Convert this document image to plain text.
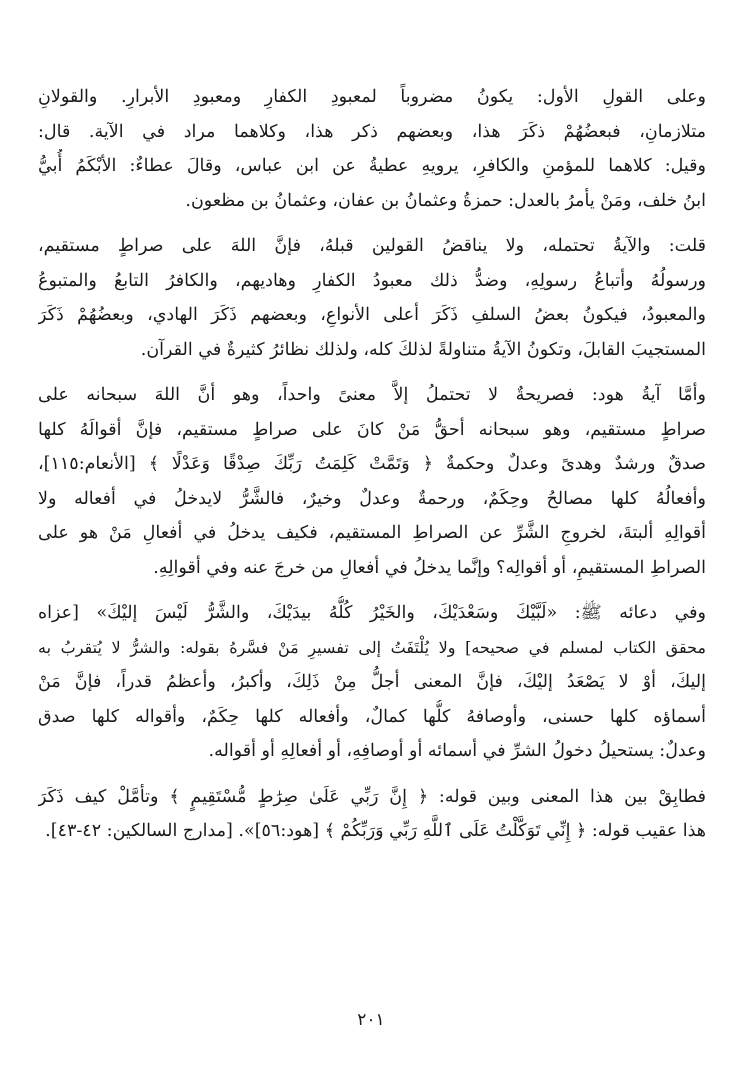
وعلى القولِ الأول: يكونُ مضروباً لمعبودِ الكفارِ ومعبودِ الأبرارِ. والقولانِ
متلازمانِ، فبعضُهُمْ ذكَرَ هذا، وبعضهم ذكر هذا، وكلاهما مراد في الآية. قال:
وقيل: كلاهما للمؤمنِ والكافرِ، يرويهِ عطيةُ عن ابن عباس، وقالَ عطاءٌ: الأبْكَمُ أُبيُّ
ابنُ خلف، ومَنْ يأمرُ بالعدل: حمزةُ وعثمانُ بن عفان، وعثمانُ بن مظعون.
قلت: والآيةُ تحتمله، ولا يناقضُ القولين قبلهُ، فإنَّ اللهَ على صراطٍ مستقيم،
ورسولُهُ وأتباعُ رسولِهِ، وضدُّ ذلك معبودُ الكفارِ وهاديهم، والكافرُ التابعُ والمتبوعُ
والمعبودُ، فيكونُ بعضُ السلفِ ذَكَرَ أعلى الأنواعِ، وبعضهم ذَكَرَ الهادي، وبعضُهُمْ ذَكَرَ
المستجيبَ القابلَ، وتكونُ الآيةُ متناولةً لذلكَ كله، ولذلك نظائرُ كثيرةٌ في القرآن.
وأمَّا آيةُ هود: فصريحةٌ لا تحتملُ إلاَّ معنىً واحداً، وهو أنَّ اللهَ سبحانه على
صراطٍ مستقيم، وهو سبحانه أحقُّ مَنْ كانَ على صراطٍ مستقيم، فإنَّ أقوالَهُ كلها
صدقٌ ورشدٌ وهدىً وعدلٌ وحكمةٌ ﴿ وَتَمَّتْ كَلِمَتُ رَبِّكَ صِدْقًا وَعَدْلًا ﴾ [الأنعام:١١٥]،
وأفعالُهُ كلها مصالحُ وحِكَمٌ، ورحمةٌ وعدلٌ وخيرٌ، فالشَّرُّ لايدخلُ في أفعاله ولا
أقوالِهِ ألبتةَ، لخروجِ الشَّرِّ عن الصراطِ المستقيم، فكيف يدخلُ في أفعالِ مَنْ هو على
الصراطِ المستقيمِ، أو أقوالِه؟ وإنَّما يدخلُ في أفعالِ من خرجَ عنه وفي أقوالِهِ.
وفي دعائه ﷺ: «لَبَّيْكَ وسَعْدَيْكَ، والخَيْرُ كُلُّهُ بيدَيْكَ، والشَّرُّ لَيْسَ إليْكَ» [عزاه
محقق الكتاب لمسلم في صحيحه] ولا يُلْتَفَتُ إلى تفسيرِ مَنْ فسَّرهُ بقوله: والشرُّ لا يُتقربُ به
إليكَ، أوْ لا يَصْعَدُ إليْكَ، فإنَّ المعنى أجلُّ مِنْ ذَلِكَ، وأكبرُ، وأعظمُ قدراً، فإنَّ مَنْ
أسماؤه كلها حسنى، وأوصافهُ كلُّها كمالٌ، وأفعاله كلها حِكَمٌ، وأقواله كلها صدق
وعدلٌ: يستحيلُ دخولُ الشرِّ في أسمائه أو أوصافِهِ، أو أفعالِهِ أو أقواله.
فطابِقْ بين هذا المعنى وبين قوله: ﴿ إِنَّ رَبِّي عَلَىٰ صِرَٰطٍ مُّسْتَقِيمٍ ﴾ وتأمَّلْ كيف ذَكَرَ
هذا عقيب قوله: ﴿ إِنِّي تَوَكَّلْتُ عَلَى ٱللَّهِ رَبِّي وَرَبِّكُمْ ﴾ [هود:٥٦]». [مدارج السالكين: ٤٢-٤٣].
٢٠١
